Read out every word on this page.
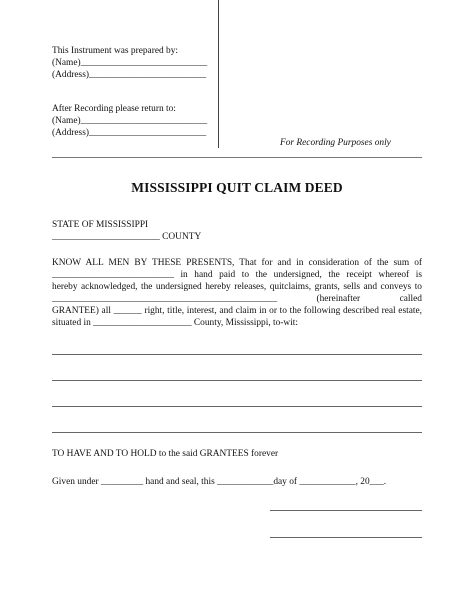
This Instrument was prepared by:
(Name)___________________________
(Address)_________________________
After Recording please return to:
(Name)___________________________
(Address)_________________________
For Recording Purposes only
MISSISSIPPI QUIT CLAIM DEED
STATE OF MISSISSIPPI
_______________________ COUNTY
KNOW ALL MEN BY THESE PRESENTS, That for and in consideration of the sum of
__________________________ in hand paid to the undersigned, the receipt whereof is
hereby acknowledged, the undersigned hereby releases, quitclaims, grants, sells and conveys to
________________________________________________ (hereinafter called
GRANTEE) all ______ right, title, interest, and claim in or to the following described real estate,
situated in _____________________ County, Mississippi, to-wit:
TO HAVE AND TO HOLD to the said GRANTEES forever
Given under _________ hand and seal, this ____________day of ____________, 20___.
